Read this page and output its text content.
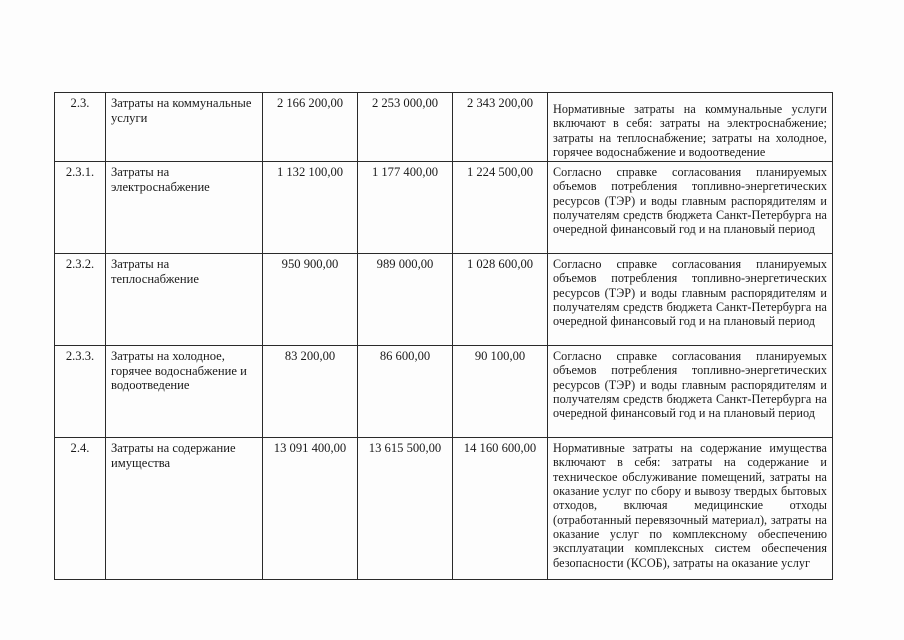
2.3.	Затраты на коммунальные услуги	2 166 200,00	2 253 000,00	2 343 200,00	Нормативные затраты на коммунальные услуги включают в себя: затраты на электроснабжение; затраты на теплоснабжение; затраты на холодное, горячее водоснабжение и водоотведение
2.3.1.	Затраты на электроснабжение	1 132 100,00	1 177 400,00	1 224 500,00	Согласно справке согласования планируемых объемов потребления топливно-энергетических ресурсов (ТЭР) и воды главным распорядителям и получателям средств бюджета Санкт-Петербурга на очередной финансовый год и на плановый период
2.3.2.	Затраты на теплоснабжение	950 900,00	989 000,00	1 028 600,00	Согласно справке согласования планируемых объемов потребления топливно-энергетических ресурсов (ТЭР) и воды главным распорядителям и получателям средств бюджета Санкт-Петербурга на очередной финансовый год и на плановый период
2.3.3.	Затраты на холодное, горячее водоснабжение и водоотведение	83 200,00	86 600,00	90 100,00	Согласно справке согласования планируемых объемов потребления топливно-энергетических ресурсов (ТЭР) и воды главным распорядителям и получателям средств бюджета Санкт-Петербурга на очередной финансовый год и на плановый период
2.4.	Затраты на содержание имущества	13 091 400,00	13 615 500,00	14 160 600,00	Нормативные затраты на содержание имущества включают в себя: затраты на содержание и техническое обслуживание помещений, затраты на оказание услуг по сбору и вывозу твердых бытовых отходов, включая медицинские отходы (отработанный перевязочный материал), затраты на оказание услуг по комплексному обеспечению эксплуатации комплексных систем обеспечения безопасности (КСОБ), затраты на оказание услуг
